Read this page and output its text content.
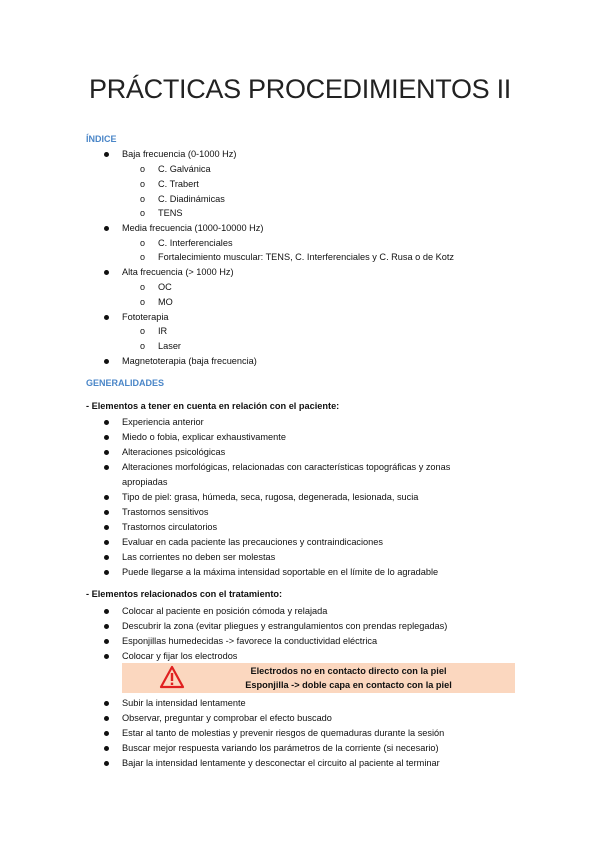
PRÁCTICAS PROCEDIMIENTOS II
ÍNDICE
Baja frecuencia (0-1000 Hz)
o C. Galvánica
o C. Trabert
o C. Diadinámicas
o TENS
Media frecuencia (1000-10000 Hz)
o C. Interferenciales
o Fortalecimiento muscular: TENS, C. Interferenciales y C. Rusa o de Kotz
Alta frecuencia (> 1000 Hz)
o OC
o MO
Fototerapia
o IR
o Laser
Magnetoterapia (baja frecuencia)
GENERALIDADES
- Elementos a tener en cuenta en relación con el paciente:
Experiencia anterior
Miedo o fobia, explicar exhaustivamente
Alteraciones psicológicas
Alteraciones morfológicas, relacionadas con características topográficas y zonas apropiadas
Tipo de piel: grasa, húmeda, seca, rugosa, degenerada, lesionada, sucia
Trastornos sensitivos
Trastornos circulatorios
Evaluar en cada paciente las precauciones y contraindicaciones
Las corrientes no deben ser molestas
Puede llegarse a la máxima intensidad soportable en el límite de lo agradable
- Elementos relacionados con el tratamiento:
Colocar al paciente en posición cómoda y relajada
Descubrir la zona (evitar pliegues y estrangulamientos con prendas replegadas)
Esponjillas humedecidas -> favorece la conductividad eléctrica
Colocar y fijar los electrodos
Electrodos no en contacto directo con la piel
Esponjilla -> doble capa en contacto con la piel
Subir la intensidad lentamente
Observar, preguntar y comprobar el efecto buscado
Estar al tanto de molestias y prevenir riesgos de quemaduras durante la sesión
Buscar mejor respuesta variando los parámetros de la corriente (si necesario)
Bajar la intensidad lentamente y desconectar el circuito al paciente al terminar
